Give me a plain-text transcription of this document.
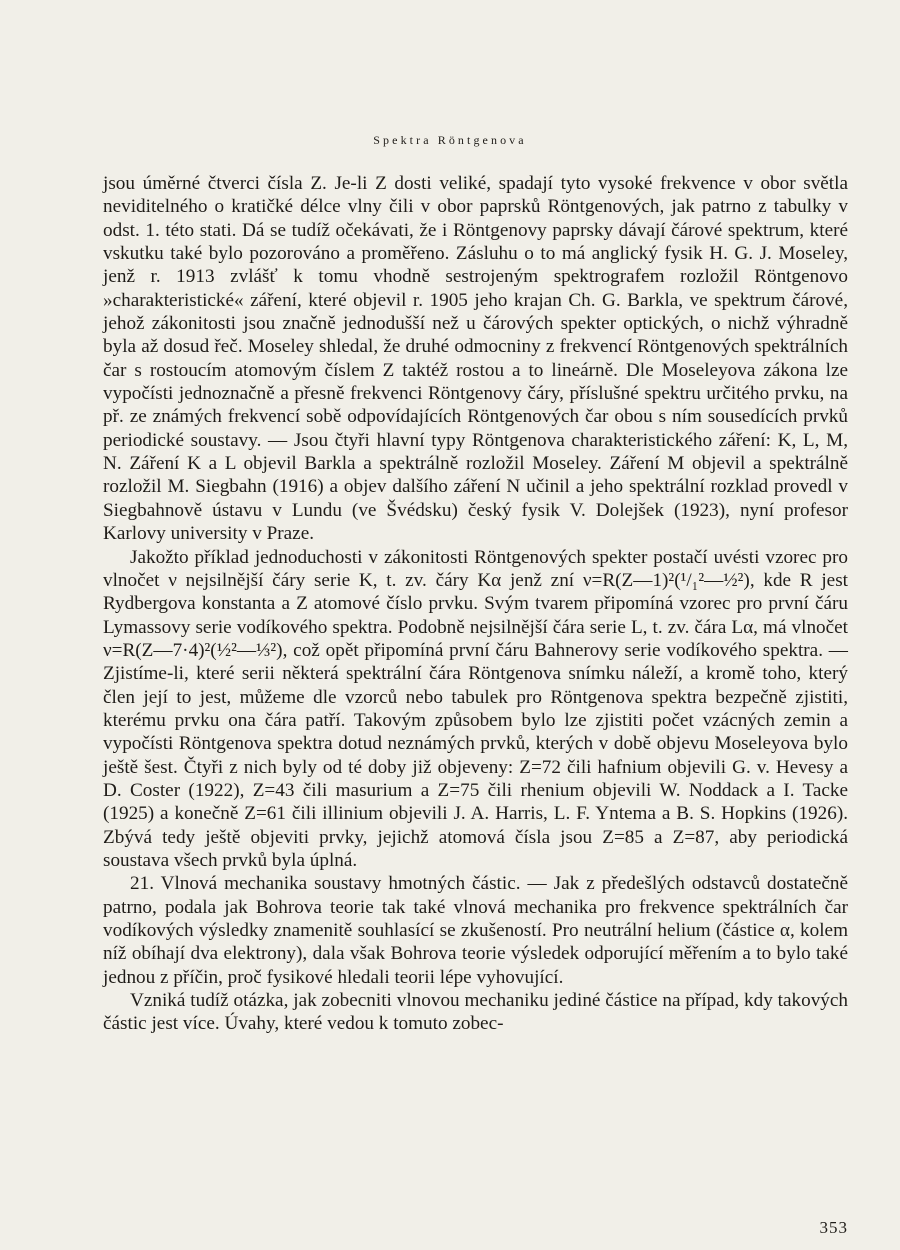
Spektra Röntgenova

jsou úměrné čtverci čísla Z. Je-li Z dosti veliké, spadají tyto vysoké frekvence v obor světla neviditelného o kratičké délce vlny čili v obor paprsků Röntgenových, jak patrno z tabulky v odst. 1. této stati. Dá se tudíž očekávati, že i Röntgenovy paprsky dávají čárové spektrum, které vskutku také bylo pozorováno a proměřeno. Zásluhu o to má anglický fysik H. G. J. Moseley, jenž r. 1913 zvlášť k tomu vhodně sestrojeným spektrografem rozložil Röntgenovo »charakteristické« záření, které objevil r. 1905 jeho krajan Ch. G. Barkla, ve spektrum čárové, jehož zákonitosti jsou značně jednodušší než u čárových spekter optických, o nichž výhradně byla až dosud řeč. Moseley shledal, že druhé odmocniny z frekvencí Röntgenových spektrálních čar s rostoucím atomovým číslem Z taktéž rostou a to lineárně. Dle Moseleyova zákona lze vypočísti jednoznačně a přesně frekvenci Röntgenovy čáry, příslušné spektru určitého prvku, na př. ze známých frekvencí sobě odpovídajících Röntgenových čar obou s ním sousedících prvků periodické soustavy. — Jsou čtyři hlavní typy Röntgenova charakteristického záření: K, L, M, N. Záření K a L objevil Barkla a spektrálně rozložil Moseley. Záření M objevil a spektrálně rozložil M. Siegbahn (1916) a objev dalšího záření N učinil a jeho spektrální rozklad provedl v Siegbahnově ústavu v Lundu (ve Švédsku) český fysik V. Dolejšek (1923), nyní profesor Karlovy university v Praze.

Jakožto příklad jednoduchosti v zákonitosti Röntgenových spekter postačí uvésti vzorec pro vlnočet ν nejsilnější čáry serie K, t. zv. čáry Kα jenž zní ν=R(Z—1)²(¹/₁²—½²), kde R jest Rydbergova konstanta a Z atomové číslo prvku. Svým tvarem připomíná vzorec pro první čáru Lymassovy serie vodíkového spektra. Podobně nejsilnější čára serie L, t. zv. čára Lα, má vlnočet ν=R(Z—7·4)²(½²—⅓²), což opět připomíná první čáru Bahnerovy serie vodíkového spektra. — Zjistíme-li, které serii některá spektrální čára Röntgenova snímku náleží, a kromě toho, který člen její to jest, můžeme dle vzorců nebo tabulek pro Röntgenova spektra bezpečně zjistiti, kterému prvku ona čára patří. Takovým způsobem bylo lze zjistiti počet vzácných zemin a vypočísti Röntgenova spektra dotud neznámých prvků, kterých v době objevu Moseleyova bylo ještě šest. Čtyři z nich byly od té doby již objeveny: Z=72 čili hafnium objevili G. v. Hevesy a D. Coster (1922), Z=43 čili masurium a Z=75 čili rhenium objevili W. Noddack a I. Tacke (1925) a konečně Z=61 čili illinium objevili J. A. Harris, L. F. Yntema a B. S. Hopkins (1926). Zbývá tedy ještě objeviti prvky, jejichž atomová čísla jsou Z=85 a Z=87, aby periodická soustava všech prvků byla úplná.

21. Vlnová mechanika soustavy hmotných částic. — Jak z předešlých odstavců dostatečně patrno, podala jak Bohrova teorie tak také vlnová mechanika pro frekvence spektrálních čar vodíkových výsledky znamenitě souhlasící se zkušeností. Pro neutrální helium (částice α, kolem níž obíhají dva elektrony), dala však Bohrova teorie výsledek odporující měřením a to bylo také jednou z příčin, proč fysikové hledali teorii lépe vyhovující.

Vzniká tudíž otázka, jak zobecniti vlnovou mechaniku jediné částice na případ, kdy takových částic jest více. Úvahy, které vedou k tomuto zobec-

353
